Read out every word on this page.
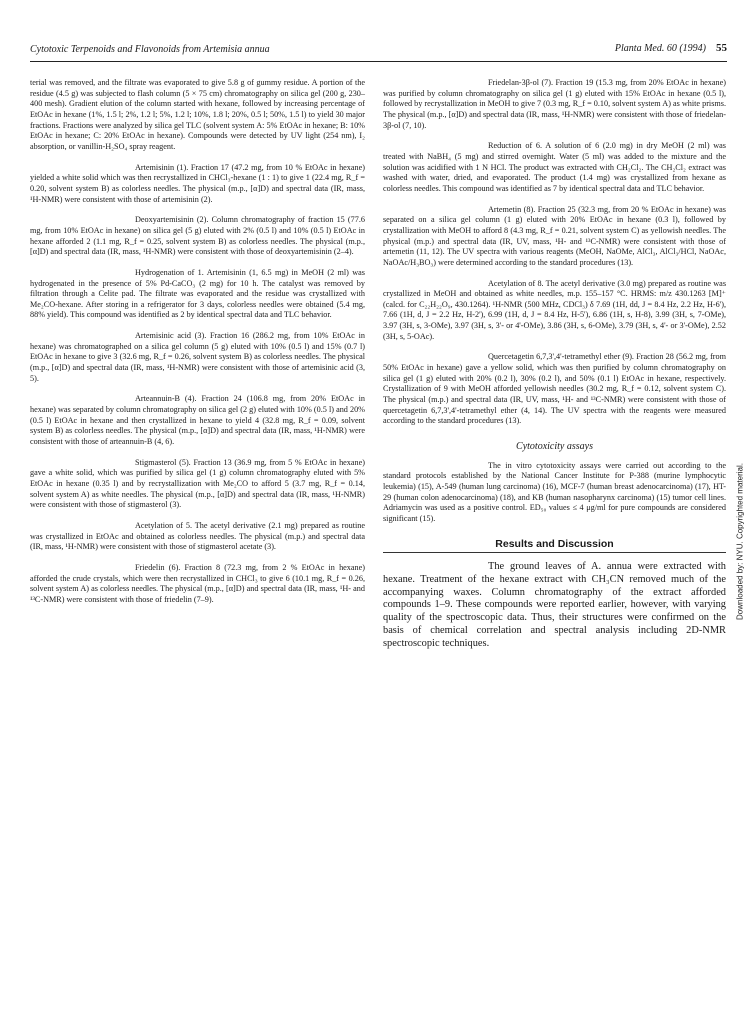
Cytotoxic Terpenoids and Flavonoids from Artemisia annua	Planta Med. 60 (1994) 55

terial was removed, and the filtrate was evaporated to give 5.8 g of gummy residue. A portion of the residue (4.5 g) was subjected to flash column (5 × 75 cm) chromatography on silica gel (200 g, 230–400 mesh). Gradient elution of the column started with hexane, followed by increasing percentage of EtOAc in hexane (1%, 1.5 l; 2%, 1.2 l; 5%, 1.2 l; 10%, 1.8 l; 20%, 0.5 l; 50%, 1.5 l) to yield 30 major fractions. Fractions were analyzed by silica gel TLC (solvent system A: 5% EtOAc in hexane; B: 10% EtOAc in hexane; C: 20% EtOAc in hexane). Compounds were detected by UV light (254 nm), I₂ absorption, or vanillin-H₂SO₄ spray reagent.

Artemisinin (1). Fraction 17 (47.2 mg, from 10 % EtOAc in hexane) yielded a white solid which was then recrystallized in CHCl₃-hexane (1 : 1) to give 1 (22.4 mg, R_f = 0.20, solvent system B) as colorless needles. The physical (m.p., [α]D) and spectral data (IR, mass, ¹H-NMR) were consistent with those of artemisinin (2).

Deoxyartemisinin (2). Column chromatography of fraction 15 (77.6 mg, from 10% EtOAc in hexane) on silica gel (5 g) eluted with 2% (0.5 l) and 10% (0.5 l) EtOAc in hexane afforded 2 (1.1 mg, R_f = 0.25, solvent system B) as colorless needles. The physical (m.p., [α]D) and spectral data (IR, mass, ¹H-NMR) were consistent with those of deoxyartemisinin (2–4).

Hydrogenation of 1. Artemisinin (1, 6.5 mg) in MeOH (2 ml) was hydrogenated in the presence of 5% Pd-CaCO₃ (2 mg) for 10 h. The catalyst was removed by filtration through a Celite pad. The filtrate was evaporated and the residue was crystallized with Me₂CO-hexane. After storing in a refrigerator for 3 days, colorless needles were obtained (5.4 mg, 88% yield). This compound was identified as 2 by identical spectral data and TLC behavior.

Artemisinic acid (3). Fraction 16 (286.2 mg, from 10% EtOAc in hexane) was chromatographed on a silica gel column (5 g) eluted with 10% (0.5 l) and 15% (0.7 l) EtOAc in hexane to give 3 (32.6 mg, R_f = 0.26, solvent system B) as colorless needles. The physical (m.p., [α]D) and spectral data (IR, mass, ¹H-NMR) were consistent with those of artemisinic acid (3, 5).

Arteannuin-B (4). Fraction 24 (106.8 mg, from 20% EtOAc in hexane) was separated by column chromatography on silica gel (2 g) eluted with 10% (0.5 l) and 20% (0.5 l) EtOAc in hexane and then crystallized in hexane to yield 4 (32.8 mg, R_f = 0.09, solvent system B) as colorless needles. The physical (m.p., [α]D) and spectral data (IR, mass, ¹H-NMR) were consistent with those of arteannuin-B (4, 6).

Stigmasterol (5). Fraction 13 (36.9 mg, from 5 % EtOAc in hexane) gave a white solid, which was purified by silica gel (1 g) column chromatography eluted with 5% EtOAc in hexane (0.35 l) and by recrystallization with Me₂CO to afford 5 (3.7 mg, R_f = 0.14, solvent system A) as white needles. The physical (m.p., [α]D) and spectral data (IR, mass, ¹H-NMR) were consistent with those of stigmasterol (3).

Acetylation of 5. The acetyl derivative (2.1 mg) prepared as routine was crystallized in EtOAc and obtained as colorless needles. The physical (m.p.) and spectral data (IR, mass, ¹H-NMR) were consistent with those of stigmasterol acetate (3).

Friedelin (6). Fraction 8 (72.3 mg, from 2 % EtOAc in hexane) afforded the crude crystals, which were then recrystallized in CHCl₃ to give 6 (10.1 mg, R_f = 0.26, solvent system A) as colorless needles. The physical (m.p., [α]D) and spectral data (IR, mass, ¹H- and ¹³C-NMR) were consistent with those of friedelin (7–9).

Friedelan-3β-ol (7). Fraction 19 (15.3 mg, from 20% EtOAc in hexane) was purified by column chromatography on silica gel (1 g) eluted with 15% EtOAc in hexane (0.5 l), followed by recrystallization in MeOH to give 7 (0.3 mg, R_f = 0.10, solvent system A) as white prisms. The physical (m.p., [α]D) and spectral data (IR, mass, ¹H-NMR) were consistent with those of friedelan-3β-ol (7, 10).

Reduction of 6. A solution of 6 (2.0 mg) in dry MeOH (2 ml) was treated with NaBH₄ (5 mg) and stirred overnight. Water (5 ml) was added to the mixture and the solution was acidified with 1 N HCl. The product was extracted with CH₂Cl₂. The CH₂Cl₂ extract was washed with water, dried, and evaporated. The product (1.4 mg) was crystallized from hexane as colorless needles. This compound was identified as 7 by identical spectral data and TLC behavior.

Artemetin (8). Fraction 25 (32.3 mg, from 20 % EtOAc in hexane) was separated on a silica gel column (1 g) eluted with 20% EtOAc in hexane (0.3 l), followed by crystallization with MeOH to afford 8 (4.3 mg, R_f = 0.21, solvent system C) as yellowish needles. The physical (m.p.) and spectral data (IR, UV, mass, ¹H- and ¹³C-NMR) were consistent with those of artemetin (11, 12). The UV spectra with various reagents (MeOH, NaOMe, AlCl₃, AlCl₃/HCl, NaOAc, NaOAc/H₃BO₃) were determined according to the standard procedures (13).

Acetylation of 8. The acetyl derivative (3.0 mg) prepared as routine was crystallized in MeOH and obtained as white needles, m.p. 155–157 °C. HRMS: m/z 430.1263 [M]⁺ (calcd. for C₂₂H₂₂O₉, 430.1264). ¹H-NMR (500 MHz, CDCl₃) δ 7.69 (1H, dd, J = 8.4 Hz, 2.2 Hz, H-6'), 7.66 (1H, d, J = 2.2 Hz, H-2'), 6.99 (1H, d, J = 8.4 Hz, H-5'), 6.86 (1H, s, H-8), 3.99 (3H, s, 7-OMe), 3.97 (3H, s, 3-OMe), 3.97 (3H, s, 3'- or 4'-OMe), 3.86 (3H, s, 6-OMe), 3.79 (3H, s, 4'- or 3'-OMe), 2.52 (3H, s, 5-OAc).

Quercetagetin 6,7,3',4'-tetramethyl ether (9). Fraction 28 (56.2 mg, from 50% EtOAc in hexane) gave a yellow solid, which was then purified by column chromatography on silica gel (1 g) eluted with 20% (0.2 l), 30% (0.2 l), and 50% (0.1 l) EtOAc in hexane, respectively. Crystallization of 9 with MeOH afforded yellowish needles (30.2 mg, R_f = 0.12, solvent system C). The physical (m.p.) and spectral data (IR, UV, mass, ¹H- and ¹³C-NMR) were consistent with those of quercetagetin 6,7,3',4'-tetramethyl ether (4, 14). The UV spectra with the reagents were measured according to the standard procedures (13).

Cytotoxicity assays

The in vitro cytotoxicity assays were carried out according to the standard protocols established by the National Cancer Institute for P-388 (murine lymphocytic leukemia) (15), A-549 (human lung carcinoma) (16), MCF-7 (human breast adenocarcinoma) (17), HT-29 (human colon adenocarcinoma) (18), and KB (human nasopharynx carcinoma) (15) tumor cell lines. Adriamycin was used as a positive control. ED₅₀ values ≤ 4 μg/ml for pure compounds are considered significant (15).

Results and Discussion

The ground leaves of A. annua were extracted with hexane. Treatment of the hexane extract with CH₃CN removed much of the accompanying waxes. Column chromatography of the extract afforded compounds 1–9. These compounds were reported earlier, however, with varying quality of the spectroscopic data. Thus, their structures were confirmed on the basis of chemical correlation and spectral analysis including 2D-NMR spectroscopic techniques.

Downloaded by: NYU. Copyrighted material.
